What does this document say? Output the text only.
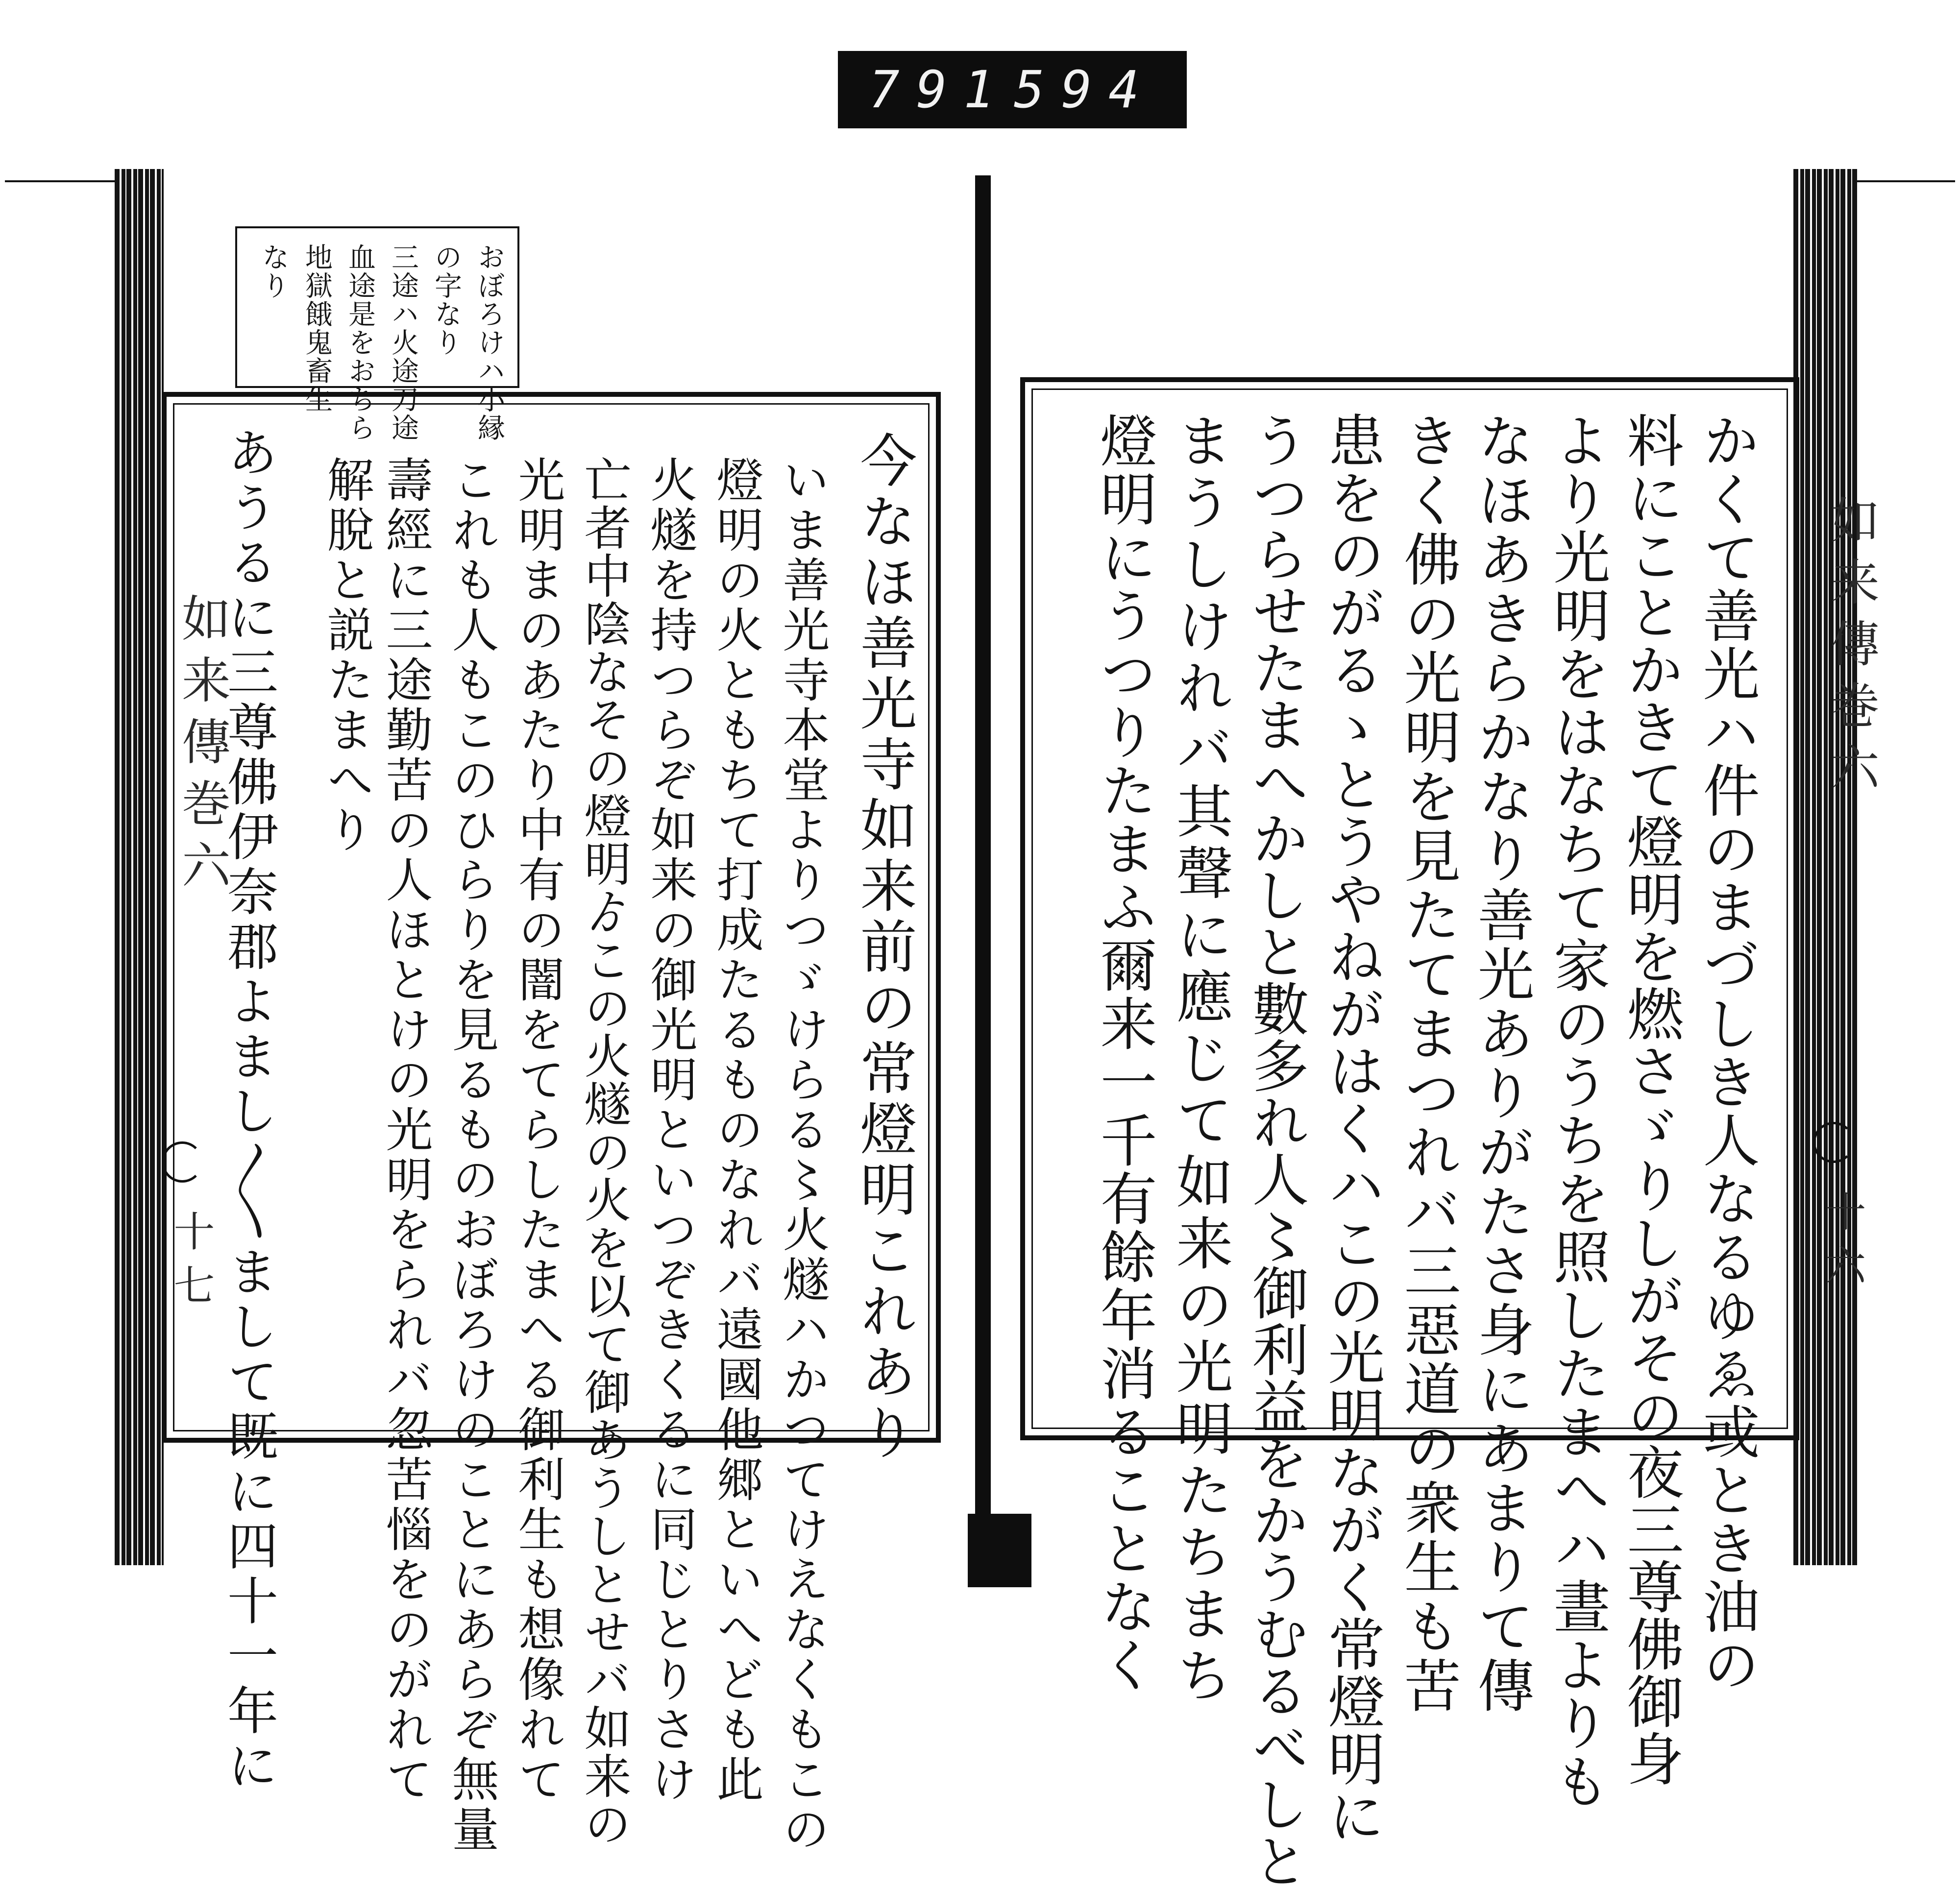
791 594
如来傳巻六
十七
おぼろけハ小縁
の字なり
三途ハ火途刀途
血途是をおちら
地獄餓鬼畜生
なり
今なほ善光寺如来前の常燈明これあり
いま善光寺本堂よりつゞけらる〻火燧ハかつてけえなくもこの
燈明の火ともちて打成たるものなれバ遠國他郷といへども此
火燧を持つらぞ如来の御光明といつぞきくるに同じとりさけ
亡者中陰なその燈明ゟこの火燧の火を以て御あうしとせバ如来の
光明まのあたり中有の闇をてらしたまへる御利生も想像れて
これも人もこのひらりを見るものおぼろけのことにあらぞ無量
壽經に三途勤苦の人ほとけの光明をられバ忽苦惱をのがれて
解脫と説たまへり
あうるに三尊佛伊奈郡よまし〳〵まして既に四十一年に	如来傳巻六
十六
かくて善光ハ件のまづしき人なるゆゑ或とき油の
料にことかきて燈明を燃さゞりしがその夜三尊佛御身
より光明をはなちて家のうちを照したまへハ晝よりも
なほあきらかなり善光ありがたさ身にあまりて傳
きく佛の光明を見たてまつれバ三惡道の衆生も苦
患をのがるゝとうやねがはくハこの光明ながく常燈明に
うつらせたまへかしと數多れ人〻御利益をかうむるべしと
まうしけれバ其聲に應じて如来の光明たちまち
燈明にうつりたまふ爾来一千有餘年消ることなく
